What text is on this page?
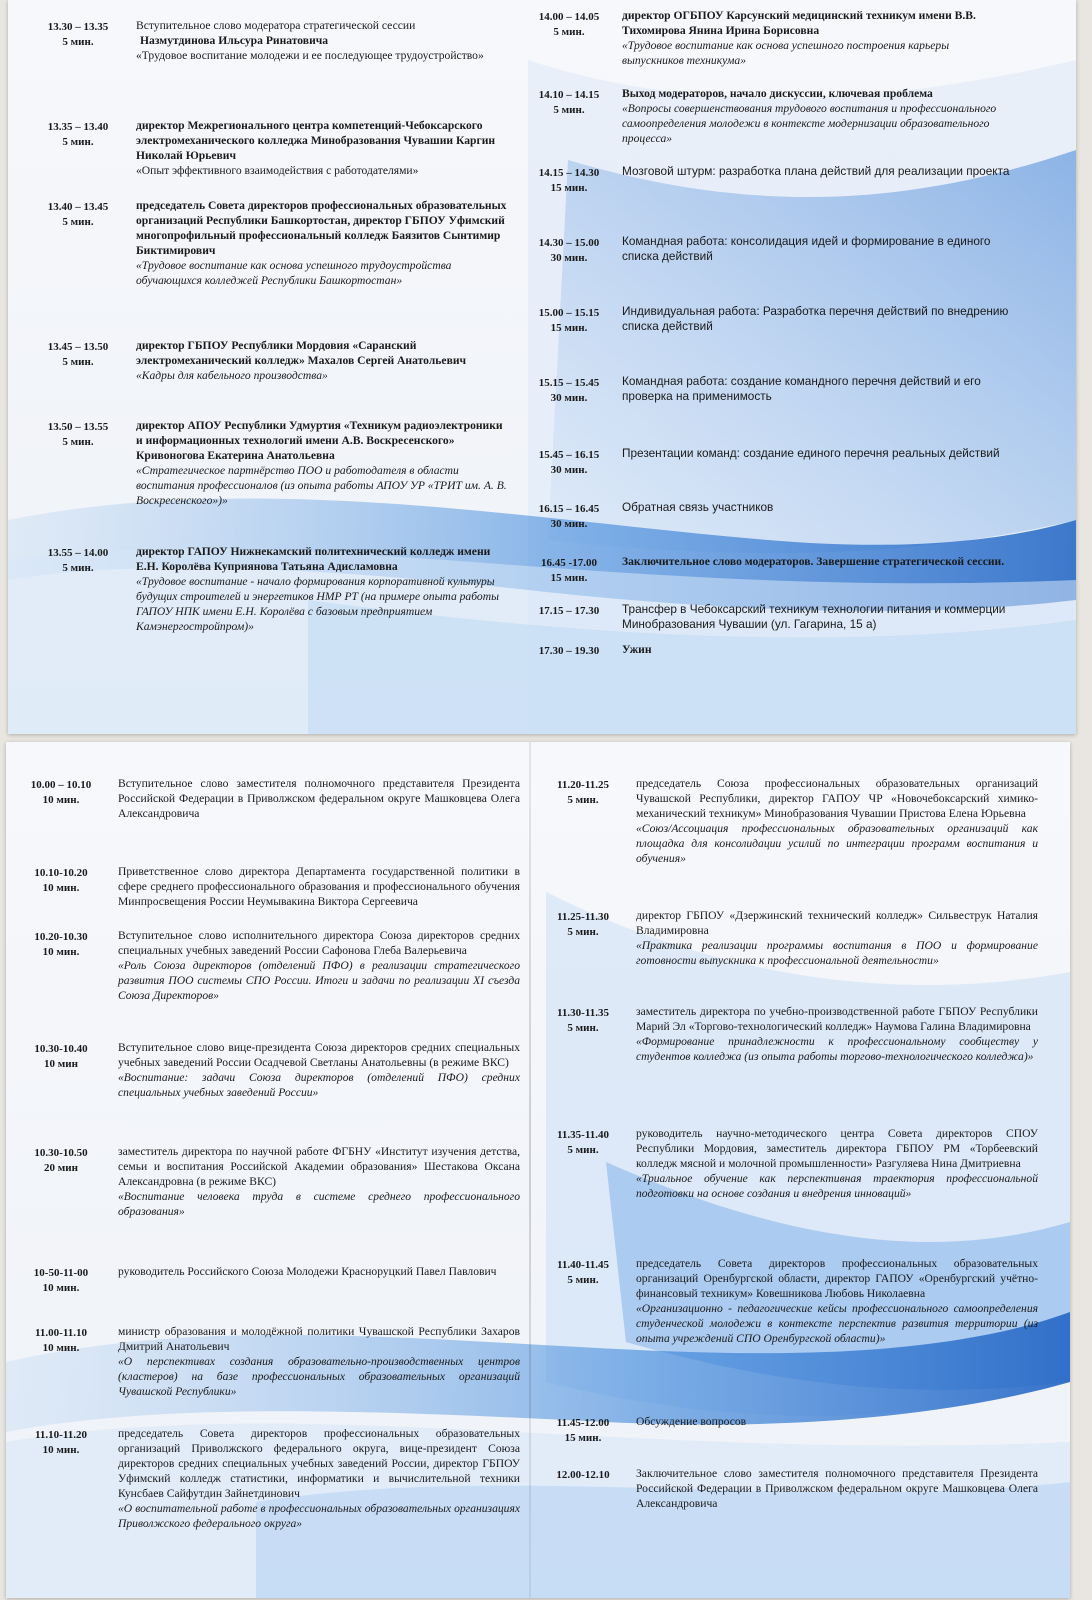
13.30 – 13.35
5 мин.
Вступительное слово модератора стратегической сессии
Назмутдинова Ильсура Ринатовича
«Трудовое воспитание молодежи и ее последующее трудоустройство»
13.35 – 13.40
5 мин.
директор Межрегионального центра компетенций-Чебоксарского электромеханического колледжа Минобразования Чувашии Каргин Николай Юрьевич
«Опыт эффективного взаимодействия с работодателями»
13.40 – 13.45
5 мин.
председатель Совета директоров профессиональных образовательных организаций Республики Башкортостан, директор ГБПОУ Уфимский многопрофильный профессиональный колледж Баязитов Сынтимир Биктимирович
«Трудовое воспитание как основа успешного трудоустройства обучающихся колледжей Республики Башкортостан»
13.45 – 13.50
5 мин.
директор ГБПОУ Республики Мордовия «Саранский электромеханический колледж» Махалов Сергей Анатольевич
«Кадры для кабельного производства»
13.50 – 13.55
5 мин.
директор АПОУ Республики Удмуртия «Техникум радиоэлектроники и информационных технологий имени А.В. Воскресенского» Кривоногова Екатерина Анатольевна
«Стратегическое партнёрство ПОО и работодателя в области воспитания профессионалов (из опыта работы АПОУ УР «ТРИТ им. А. В. Воскресенского»)»
13.55 – 14.00
5 мин.
директор ГАПОУ Нижнекамский политехнический колледж имени Е.Н. Королёва Куприянова Татьяна Адисламовна
«Трудовое воспитание - начало формирования корпоративной культуры будущих строителей и энергетиков НМР РТ (на примере опыта работы ГАПОУ НПК имени Е.Н. Королёва с базовым предприятием Камэнергостройпром)»
14.00 – 14.05
5 мин.
директор ОГБПОУ Карсунский медицинский техникум имени В.В. Тихомирова Янина Ирина Борисовна
«Трудовое воспитание как основа успешного построения карьеры выпускников техникума»
14.10 – 14.15
5 мин.
Выход модераторов, начало дискуссии, ключевая проблема
«Вопросы совершенствования трудового воспитания и профессионального самоопределения молодежи в контексте модернизации образовательного процесса»
14.15 – 14.30
15 мин.
Мозговой штурм: разработка плана действий для реализации проекта
14.30 – 15.00
30 мин.
Командная работа: консолидация идей и формирование в единого списка действий
15.00 – 15.15
15 мин.
Индивидуальная работа: Разработка перечня действий по внедрению списка действий
15.15 – 15.45
30 мин.
Командная работа: создание командного перечня действий и его проверка на применимость
15.45 – 16.15
30 мин.
Презентации команд: создание единого перечня реальных действий
16.15 – 16.45
30 мин.
Обратная связь участников
16.45 -17.00
15 мин.
Заключительное слово модераторов. Завершение стратегической сессии.
17.15 – 17.30	Трансфер в Чебоксарский техникум технологии питания и коммерции Минобразования Чувашии (ул. Гагарина, 15 а)
17.30 – 19.30	Ужин
10.00 – 10.10
10 мин.
Вступительное слово заместителя полномочного представителя Президента Российской Федерации в Приволжском федеральном округе Машковцева Олега Александровича
10.10-10.20
10 мин.
Приветственное слово директора Департамента государственной политики в сфере среднего профессионального образования и профессионального обучения Минпросвещения России Неумывакина Виктора Сергеевича
10.20-10.30
10 мин.
Вступительное слово исполнительного директора Союза директоров средних специальных учебных заведений России Сафонова Глеба Валерьевича
«Роль Союза директоров (отделений ПФО) в реализации стратегического развития ПОО системы СПО России. Итоги и задачи по реализации XI съезда Союза Директоров»
10.30-10.40
10 мин
Вступительное слово вице-президента Союза директоров средних специальных учебных заведений России Осадчевой Светланы Анатольевны (в режиме ВКС)
«Воспитание: задачи Союза директоров (отделений ПФО) средних специальных учебных заведений России»
10.30-10.50
20 мин
заместитель директора по научной работе ФГБНУ «Институт изучения детства, семьи и воспитания Российской Академии образования» Шестакова Оксана Александровна (в режиме ВКС)
«Воспитание человека труда в системе среднего профессионального образования»
10-50-11-00
10 мин.
руководитель Российского Союза Молодежи Красноруцкий Павел Павлович
11.00-11.10
10 мин.
министр образования и молодёжной политики Чувашской Республики Захаров Дмитрий Анатольевич
«О перспективах создания образовательно-производственных центров (кластеров) на базе профессиональных образовательных организаций Чувашской Республики»
11.10-11.20
10 мин.
председатель Совета директоров профессиональных образовательных организаций Приволжского федерального округа, вице-президент Союза директоров средних специальных учебных заведений России, директор ГБПОУ Уфимский колледж статистики, информатики и вычислительной техники Кунсбаев Сайфутдин Зайнетдинович
«О воспитательной работе в профессиональных образовательных организациях Приволжского федерального округа»
11.20-11.25
5 мин.
председатель Союза профессиональных образовательных организаций Чувашской Республики, директор ГАПОУ ЧР «Новочебоксарский химико-механический техникум» Минобразования Чувашии Пристова Елена Юрьевна
«Союз/Ассоциация профессиональных образовательных организаций как площадка для консолидации усилий по интеграции программ воспитания и обучения»
11.25-11.30
5 мин.
директор ГБПОУ «Дзержинский технический колледж» Сильвеструк Наталия Владимировна
«Практика реализации программы воспитания в ПОО и формирование готовности выпускника к профессиональной деятельности»
11.30-11.35
5 мин.
заместитель директора по учебно-производственной работе ГБПОУ Республики Марий Эл «Торгово-технологический колледж» Наумова Галина Владимировна
«Формирование принадлежности к профессиональному сообществу у студентов колледжа (из опыта работы торгово-технологического колледжа)»
11.35-11.40
5 мин.
руководитель научно-методического центра Совета директоров СПОУ Республики Мордовия, заместитель директора ГБПОУ РМ «Торбеевский колледж мясной и молочной промышленности» Разгуляева Нина Дмитриевна
«Триальное обучение как перспективная траектория профессиональной подготовки на основе создания и внедрения инноваций»
11.40-11.45
5 мин.
председатель Совета директоров профессиональных образовательных организаций Оренбургской области, директор ГАПОУ «Оренбургский учётно-финансовый техникум» Ковешникова Любовь Николаевна
«Организационно - педагогические кейсы профессионального самоопределения студенческой молодежи в контексте перспектив развития территории (из опыта учреждений СПО Оренбургской области)»
11.45-12.00
15 мин.
Обсуждение вопросов
12.00-12.10	Заключительное слово заместителя полномочного представителя Президента Российской Федерации в Приволжском федеральном округе Машковцева Олега Александровича
